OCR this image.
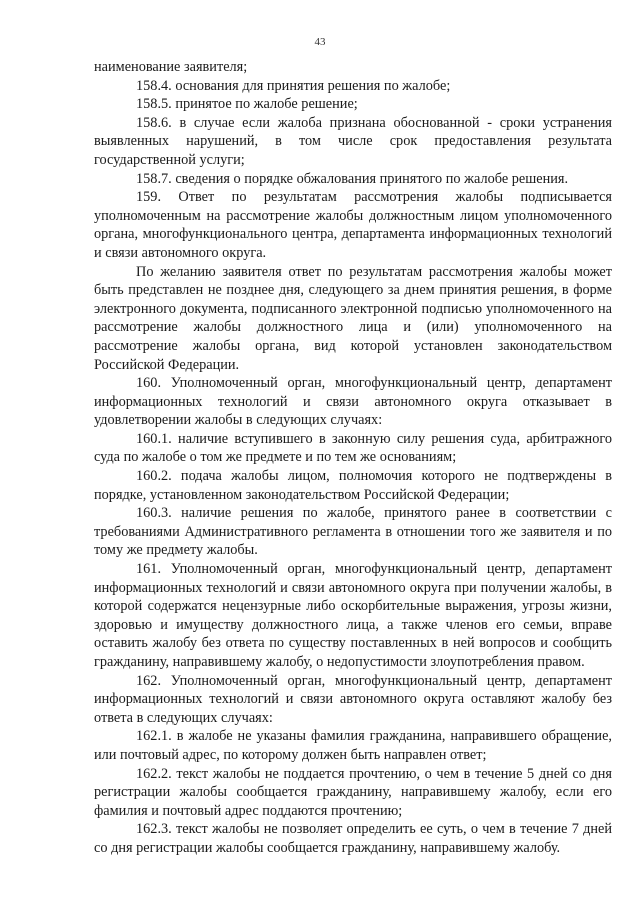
43

наименование заявителя;

158.4. основания для принятия решения по жалобе;

158.5. принятое по жалобе решение;

158.6. в случае если жалоба признана обоснованной - сроки устранения выявленных нарушений, в том числе срок предоставления результата государственной услуги;

158.7. сведения о порядке обжалования принятого по жалобе решения.

159. Ответ по результатам рассмотрения жалобы подписывается уполномоченным на рассмотрение жалобы должностным лицом уполномоченного органа, многофункционального центра, департамента информационных технологий и связи автономного округа.

По желанию заявителя ответ по результатам рассмотрения жалобы может быть представлен не позднее дня, следующего за днем принятия решения, в форме электронного документа, подписанного электронной подписью уполномоченного на рассмотрение жалобы должностного лица и (или) уполномоченного на рассмотрение жалобы органа, вид которой установлен законодательством Российской Федерации.

160. Уполномоченный орган, многофункциональный центр, департамент информационных технологий и связи автономного округа отказывает в удовлетворении жалобы в следующих случаях:

160.1. наличие вступившего в законную силу решения суда, арбитражного суда по жалобе о том же предмете и по тем же основаниям;

160.2. подача жалобы лицом, полномочия которого не подтверждены в порядке, установленном законодательством Российской Федерации;

160.3. наличие решения по жалобе, принятого ранее в соответствии с требованиями Административного регламента в отношении того же заявителя и по тому же предмету жалобы.

161. Уполномоченный орган, многофункциональный центр, департамент информационных технологий и связи автономного округа при получении жалобы, в которой содержатся нецензурные либо оскорбительные выражения, угрозы жизни, здоровью и имуществу должностного лица, а также членов его семьи, вправе оставить жалобу без ответа по существу поставленных в ней вопросов и сообщить гражданину, направившему жалобу, о недопустимости злоупотребления правом.

162. Уполномоченный орган, многофункциональный центр, департамент информационных технологий и связи автономного округа оставляют жалобу без ответа в следующих случаях:

162.1. в жалобе не указаны фамилия гражданина, направившего обращение, или почтовый адрес, по которому должен быть направлен ответ;

162.2. текст жалобы не поддается прочтению, о чем в течение 5 дней со дня регистрации жалобы сообщается гражданину, направившему жалобу, если его фамилия и почтовый адрес поддаются прочтению;

162.3. текст жалобы не позволяет определить ее суть, о чем в течение 7 дней со дня регистрации жалобы сообщается гражданину, направившему жалобу.
